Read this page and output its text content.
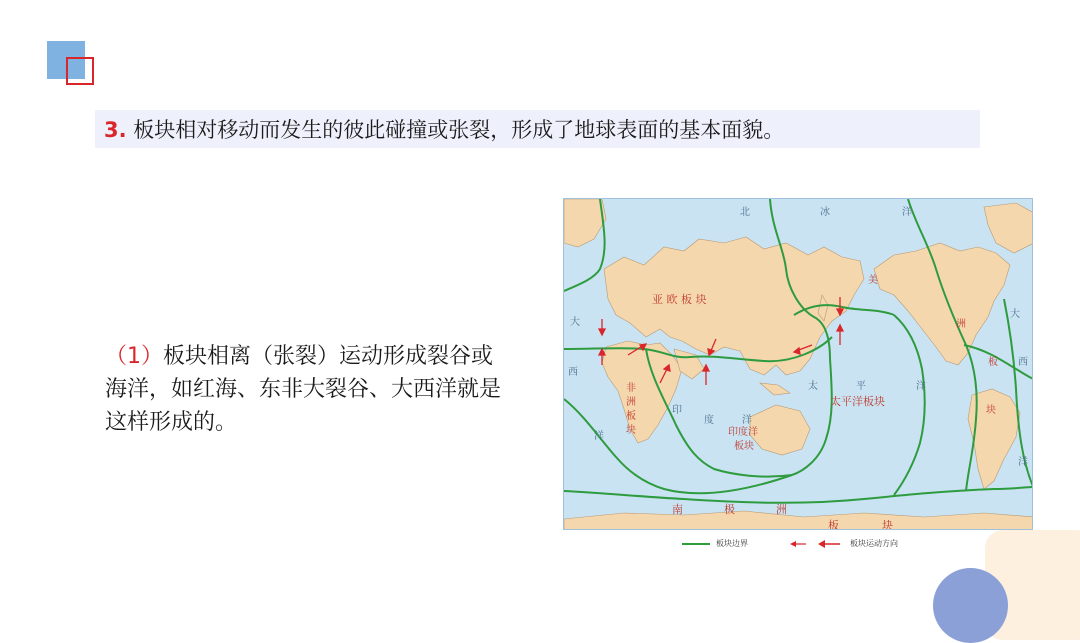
3. 板块相对移动而发生的彼此碰撞或张裂，形成了地球表面的基本面貌。
（1）板块相离（张裂）运动形成裂谷或海洋，如红海、东非大裂谷、大西洋就是这样形成的。
亚 欧 板 块
太平洋板块
非
洲
板
块	印度洋
板块
美
洲
板
块
南	极	洲
板	块
北	冰	洋
大
西
洋
印
度	洋
太	平	洋
大
西
洋
板块边界	板块运动方向
